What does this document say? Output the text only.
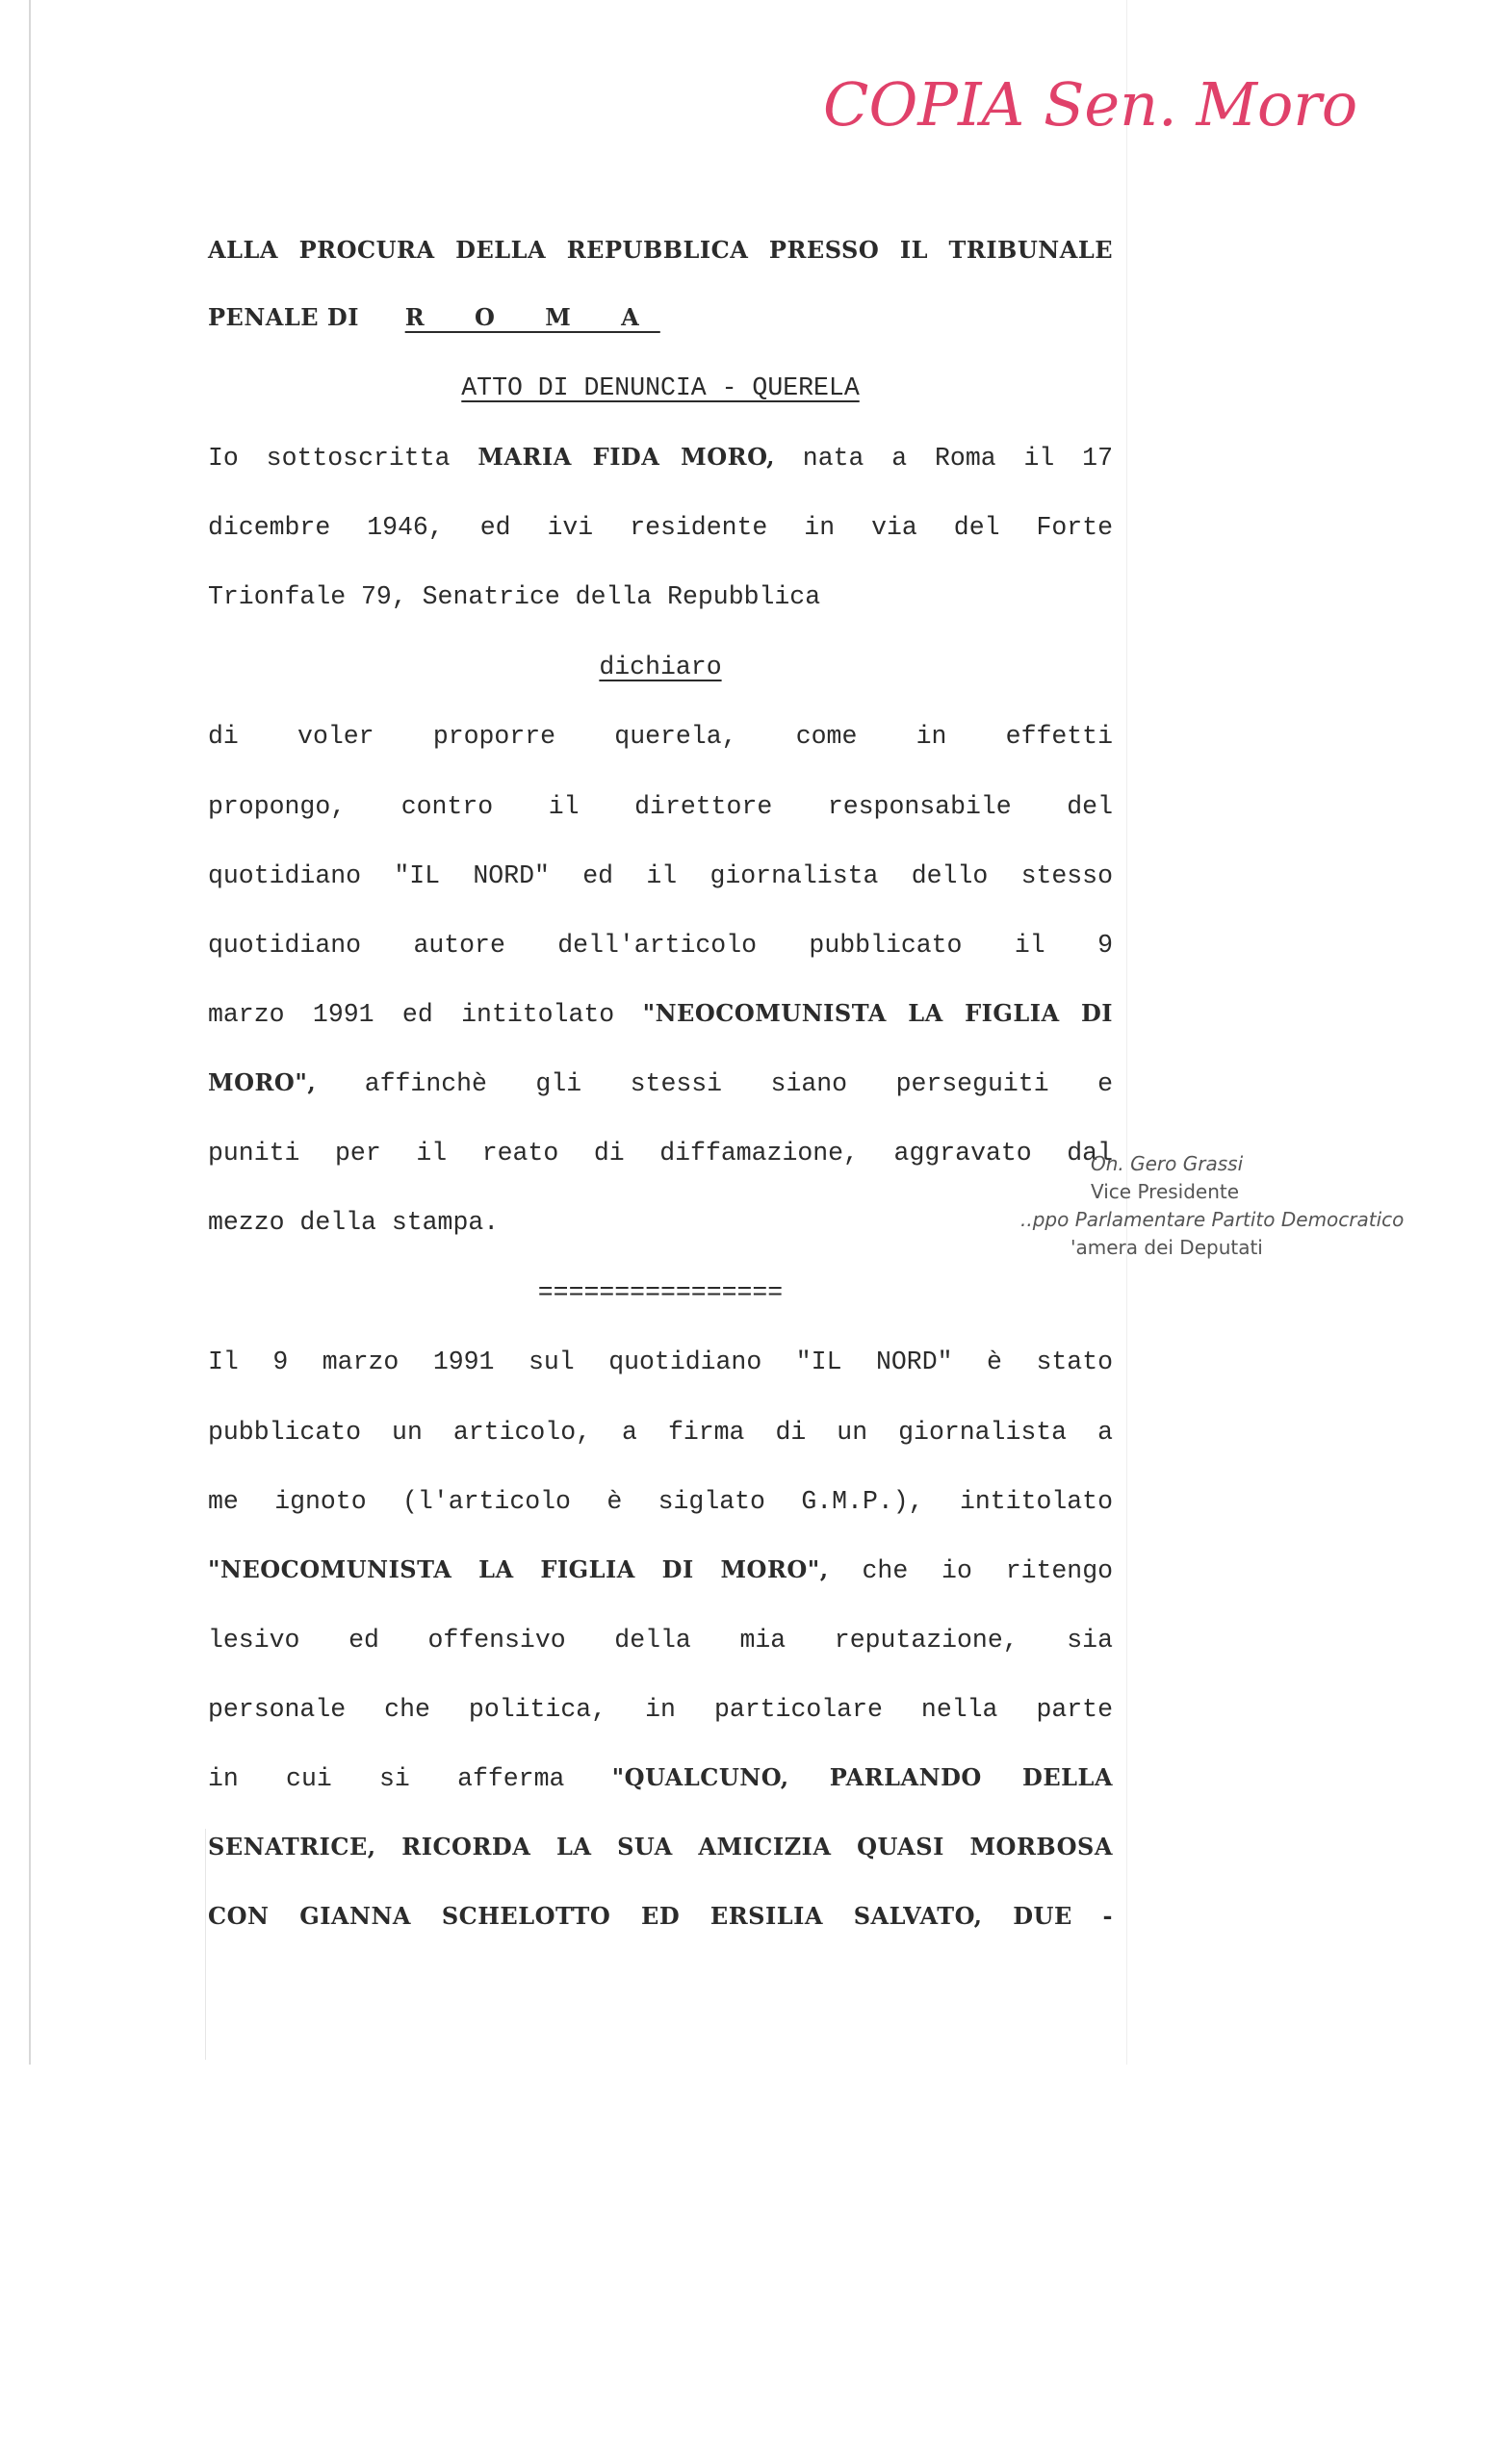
COPIA Sen. Moro
ALLA PROCURA DELLA REPUBBLICA PRESSO IL TRIBUNALE
PENALE DI R O M A
ATTO DI DENUNCIA - QUERELA
Io sottoscritta MARIA FIDA MORO, nata a Roma il 17
dicembre 1946, ed ivi residente in via del Forte
Trionfale 79, Senatrice della Repubblica
dichiaro
di voler proporre querela, come in effetti
propongo, contro il direttore responsabile del
quotidiano "IL NORD" ed il giornalista dello stesso
quotidiano autore dell'articolo pubblicato il 9
marzo 1991 ed intitolato "NEOCOMUNISTA LA FIGLIA DI
MORO", affinchè gli stessi siano perseguiti e
puniti per il reato di diffamazione, aggravato dal
mezzo della stampa.
================
Il 9 marzo 1991 sul quotidiano "IL NORD" è stato
pubblicato un articolo, a firma di un giornalista a
me ignoto (l'articolo è siglato G.M.P.), intitolato
"NEOCOMUNISTA LA FIGLIA DI MORO", che io ritengo
lesivo ed offensivo della mia reputazione, sia
personale che politica, in particolare nella parte
in cui si afferma "QUALCUNO, PARLANDO DELLA
SENATRICE, RICORDA LA SUA AMICIZIA QUASI MORBOSA
CON GIANNA SCHELOTTO ED ERSILIA SALVATO, DUE -
On. Gero Grassi
Vice Presidente
..ppo Parlamentare Partito Democratico
'amera dei Deputati
